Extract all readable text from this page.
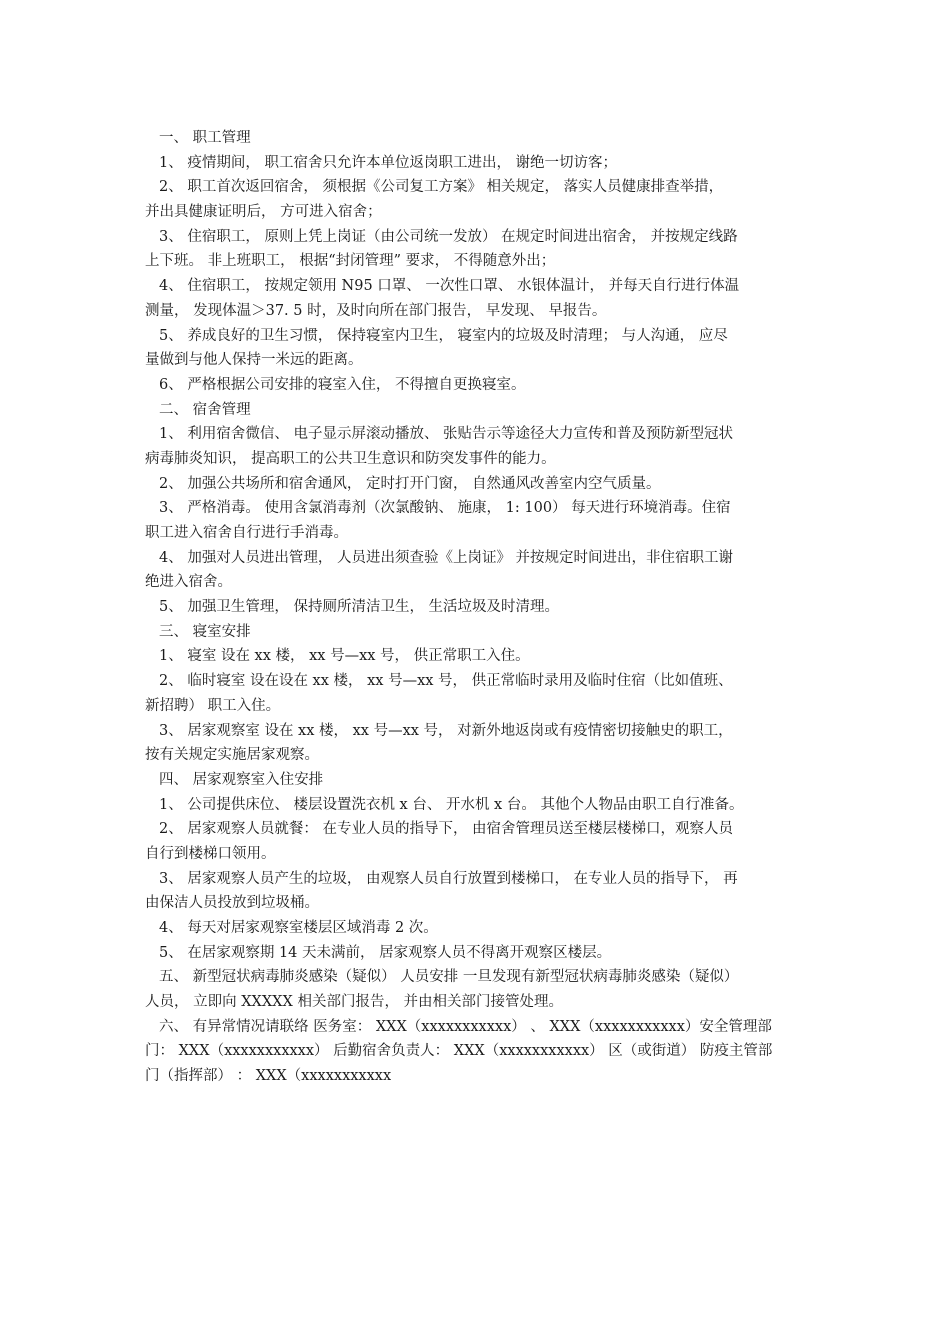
一、 职工管理
1、 疫情期间， 职工宿舍只允许本单位返岗职工进出， 谢绝一切访客；
2、 职工首次返回宿舍， 须根据《公司复工方案》 相关规定， 落实人员健康排查举措，
并出具健康证明后， 方可进入宿舍；
3、 住宿职工， 原则上凭上岗证（由公司统一发放） 在规定时间进出宿舍， 并按规定线路
上下班。 非上班职工， 根据“封闭管理” 要求， 不得随意外出；
4、 住宿职工， 按规定领用 N95 口罩、 一次性口罩、 水银体温计， 并每天自行进行体温
测量， 发现体温＞37. 5 时，及时向所在部门报告， 早发现、 早报告。
5、 养成良好的卫生习惯， 保持寝室内卫生， 寝室内的垃圾及时清理； 与人沟通， 应尽
量做到与他人保持一米远的距离。
6、 严格根据公司安排的寝室入住， 不得擅自更换寝室。
二、 宿舍管理
1、 利用宿舍微信、 电子显示屏滚动播放、 张贴告示等途径大力宣传和普及预防新型冠状
病毒肺炎知识， 提高职工的公共卫生意识和防突发事件的能力。
2、 加强公共场所和宿舍通风， 定时打开门窗， 自然通风改善室内空气质量。
3、 严格消毒。 使用含氯消毒剂（次氯酸钠、 施康， 1: 100） 每天进行环境消毒。住宿
职工进入宿舍自行进行手消毒。
4、 加强对人员进出管理， 人员进出须查验《上岗证》 并按规定时间进出，非住宿职工谢
绝进入宿舍。
5、 加强卫生管理， 保持厕所清洁卫生， 生活垃圾及时清理。
三、 寝室安排
1、 寝室 设在 xx 楼， xx 号—xx 号， 供正常职工入住。
2、 临时寝室 设在设在 xx 楼， xx 号—xx 号， 供正常临时录用及临时住宿（比如值班、
新招聘） 职工入住。
3、 居家观察室 设在 xx 楼， xx 号—xx 号， 对新外地返岗或有疫情密切接触史的职工，
按有关规定实施居家观察。
四、 居家观察室入住安排
1、 公司提供床位、 楼层设置洗衣机 x 台、 开水机 x 台。 其他个人物品由职工自行准备。
2、 居家观察人员就餐： 在专业人员的指导下， 由宿舍管理员送至楼层楼梯口，观察人员
自行到楼梯口领用。
3、 居家观察人员产生的垃圾， 由观察人员自行放置到楼梯口， 在专业人员的指导下， 再
由保洁人员投放到垃圾桶。
4、 每天对居家观察室楼层区域消毒 2 次。
5、 在居家观察期 14 天未满前， 居家观察人员不得离开观察区楼层。
五、 新型冠状病毒肺炎感染（疑似） 人员安排 一旦发现有新型冠状病毒肺炎感染（疑似）
人员， 立即向 XXXXX 相关部门报告， 并由相关部门接管处理。
六、 有异常情况请联络 医务室： XXX（xxxxxxxxxxx） 、 XXX（xxxxxxxxxxx）安全管理部
门： XXX（xxxxxxxxxxx） 后勤宿舍负责人： XXX（xxxxxxxxxxx） 区（或街道） 防疫主管部
门（指挥部） ： XXX（xxxxxxxxxxx
